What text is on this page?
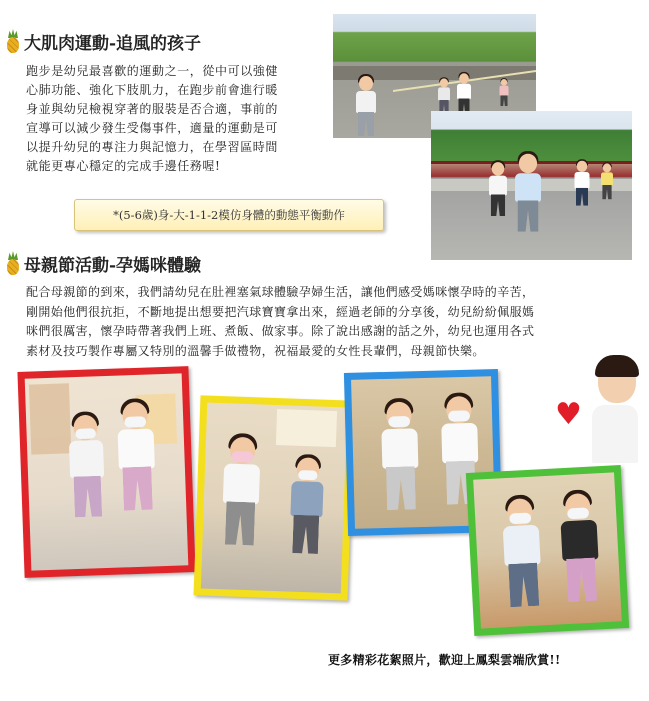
大肌肉運動-追風的孩子
跑步是幼兒最喜歡的運動之一，從中可以強健
心肺功能、強化下肢肌力，在跑步前會進行暖
身並與幼兒檢視穿著的服裝是否合適，事前的
宣導可以減少發生受傷事件，適量的運動是可
以提升幼兒的專注力與記憶力，在學習區時間
就能更專心穩定的完成手邊任務喔!
*(5-6歲)身-大-1-1-2模仿身體的動態平衡動作
母親節活動-孕媽咪體驗
配合母親節的到來，我們請幼兒在肚裡塞氣球體驗孕婦生活，讓他們感受媽咪懷孕時的辛苦，
剛開始他們很抗拒，不斷地提出想要把汽球寶寶拿出來，經過老師的分享後，幼兒紛紛佩服媽
咪們很厲害，懷孕時帶著我們上班、煮飯、做家事。除了說出感謝的話之外，幼兒也運用各式
素材及技巧製作專屬又特別的溫馨手做禮物，祝福最愛的女性長輩們，母親節快樂。
♥
更多精彩花絮照片，歡迎上鳳梨雲端欣賞!!
